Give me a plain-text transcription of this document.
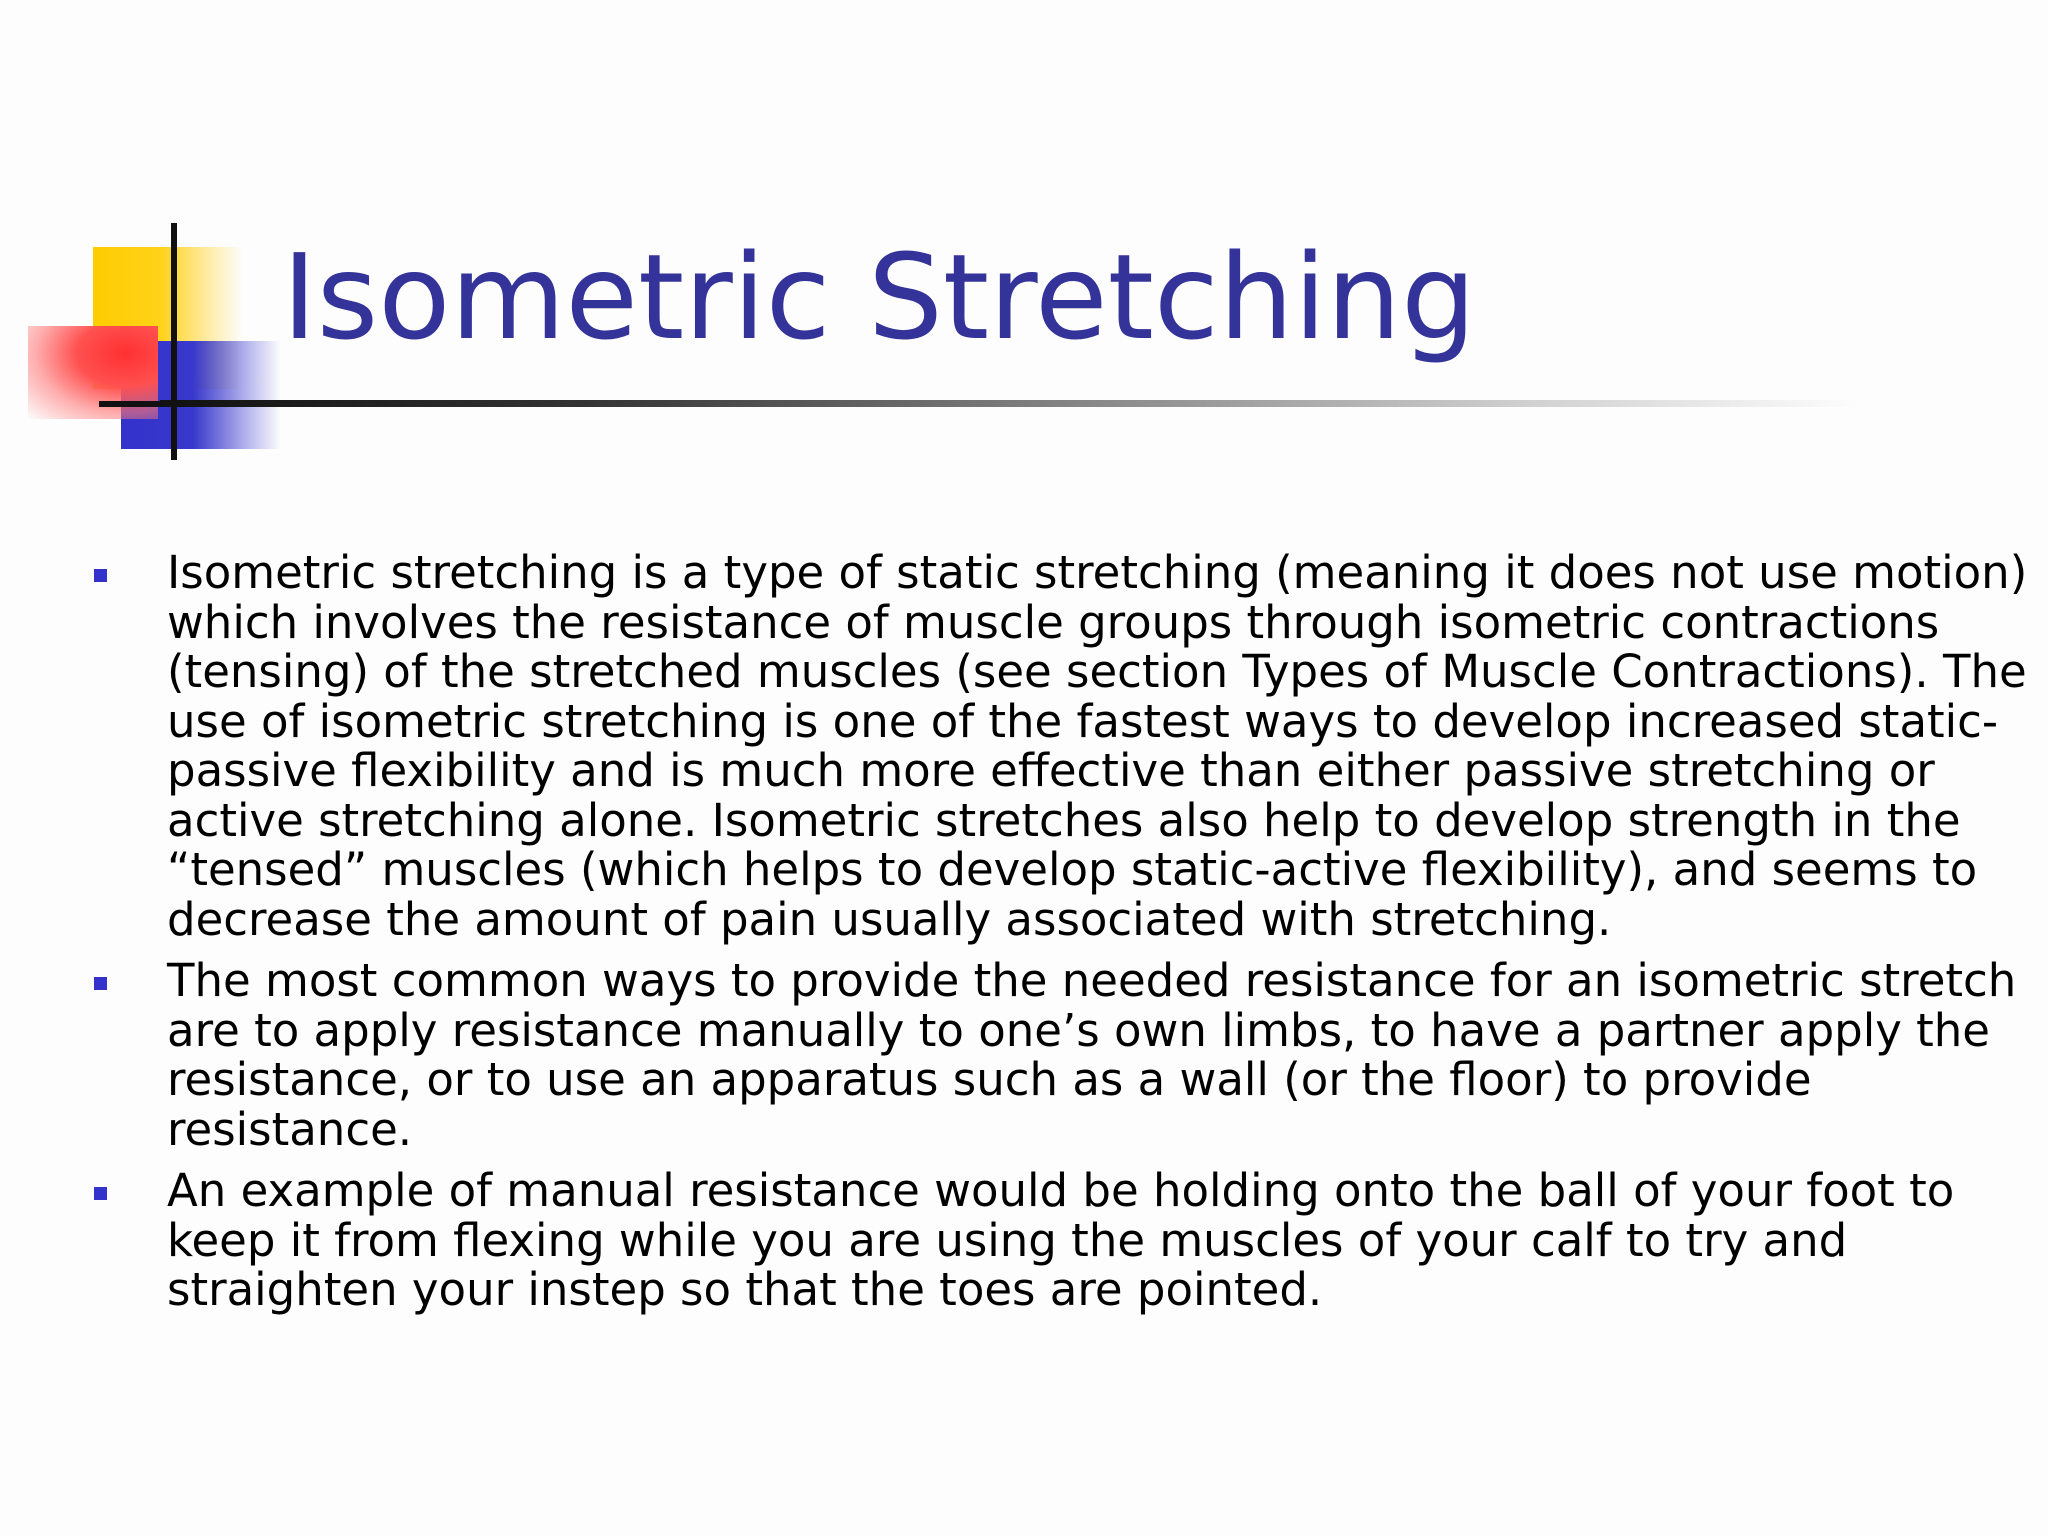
Isometric Stretching
Isometric stretching is a type of static stretching (meaning it does not use motion) which involves the resistance of muscle groups through isometric contractions (tensing) of the stretched muscles (see section Types of Muscle Contractions). The use of isometric stretching is one of the fastest ways to develop increased static-passive flexibility and is much more effective than either passive stretching or active stretching alone. Isometric stretches also help to develop strength in the “tensed” muscles (which helps to develop static-active flexibility), and seems to decrease the amount of pain usually associated with stretching.
The most common ways to provide the needed resistance for an isometric stretch are to apply resistance manually to one’s own limbs, to have a partner apply the resistance, or to use an apparatus such as a wall (or the floor) to provide resistance.
An example of manual resistance would be holding onto the ball of your foot to keep it from flexing while you are using the muscles of your calf to try and straighten your instep so that the toes are pointed.
